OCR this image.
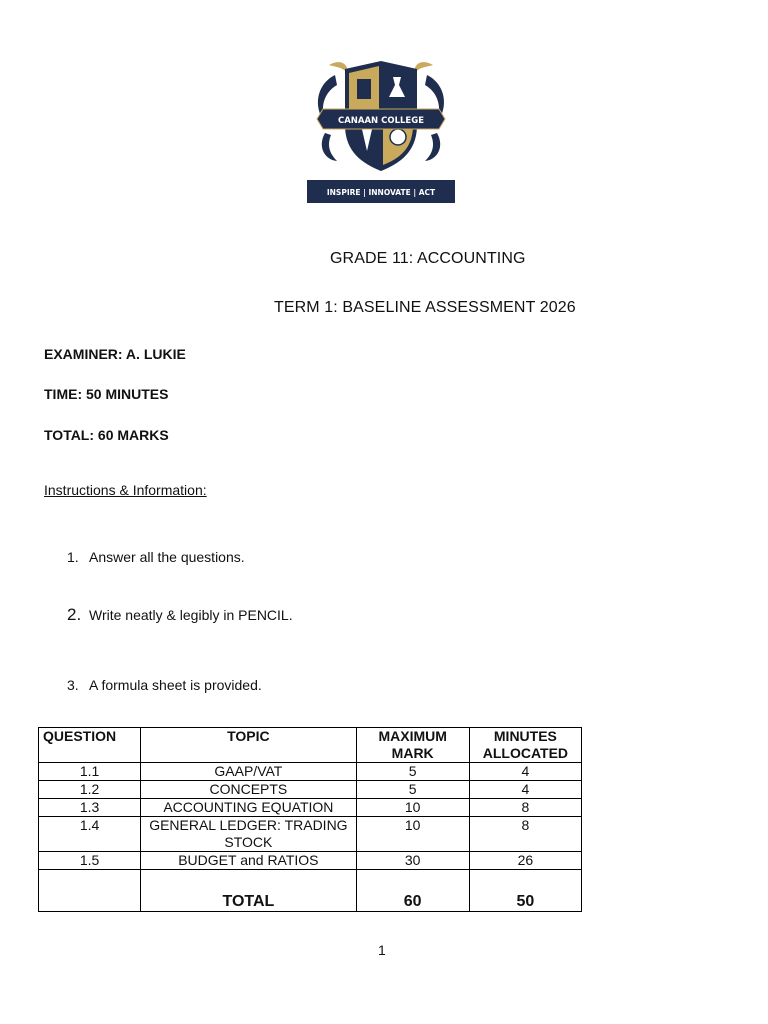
CANAAN COLLEGE
INSPIRE | INNOVATE | ACT
GRADE 11: ACCOUNTING
TERM 1: BASELINE ASSESSMENT 2026
EXAMINER: A. LUKIE
TIME: 50 MINUTES
TOTAL: 60 MARKS
Instructions & Information:
1. Answer all the questions.
2. Write neatly & legibly in PENCIL.
3. A formula sheet is provided.
QUESTION	TOPIC	MAXIMUM MARK	MINUTES ALLOCATED
1.1	GAAP/VAT	5	4
1.2	CONCEPTS	5	4
1.3	ACCOUNTING EQUATION	10	8
1.4	GENERAL LEDGER: TRADING STOCK	10	8
1.5	BUDGET and RATIOS	30	26
	TOTAL	60	50
1
